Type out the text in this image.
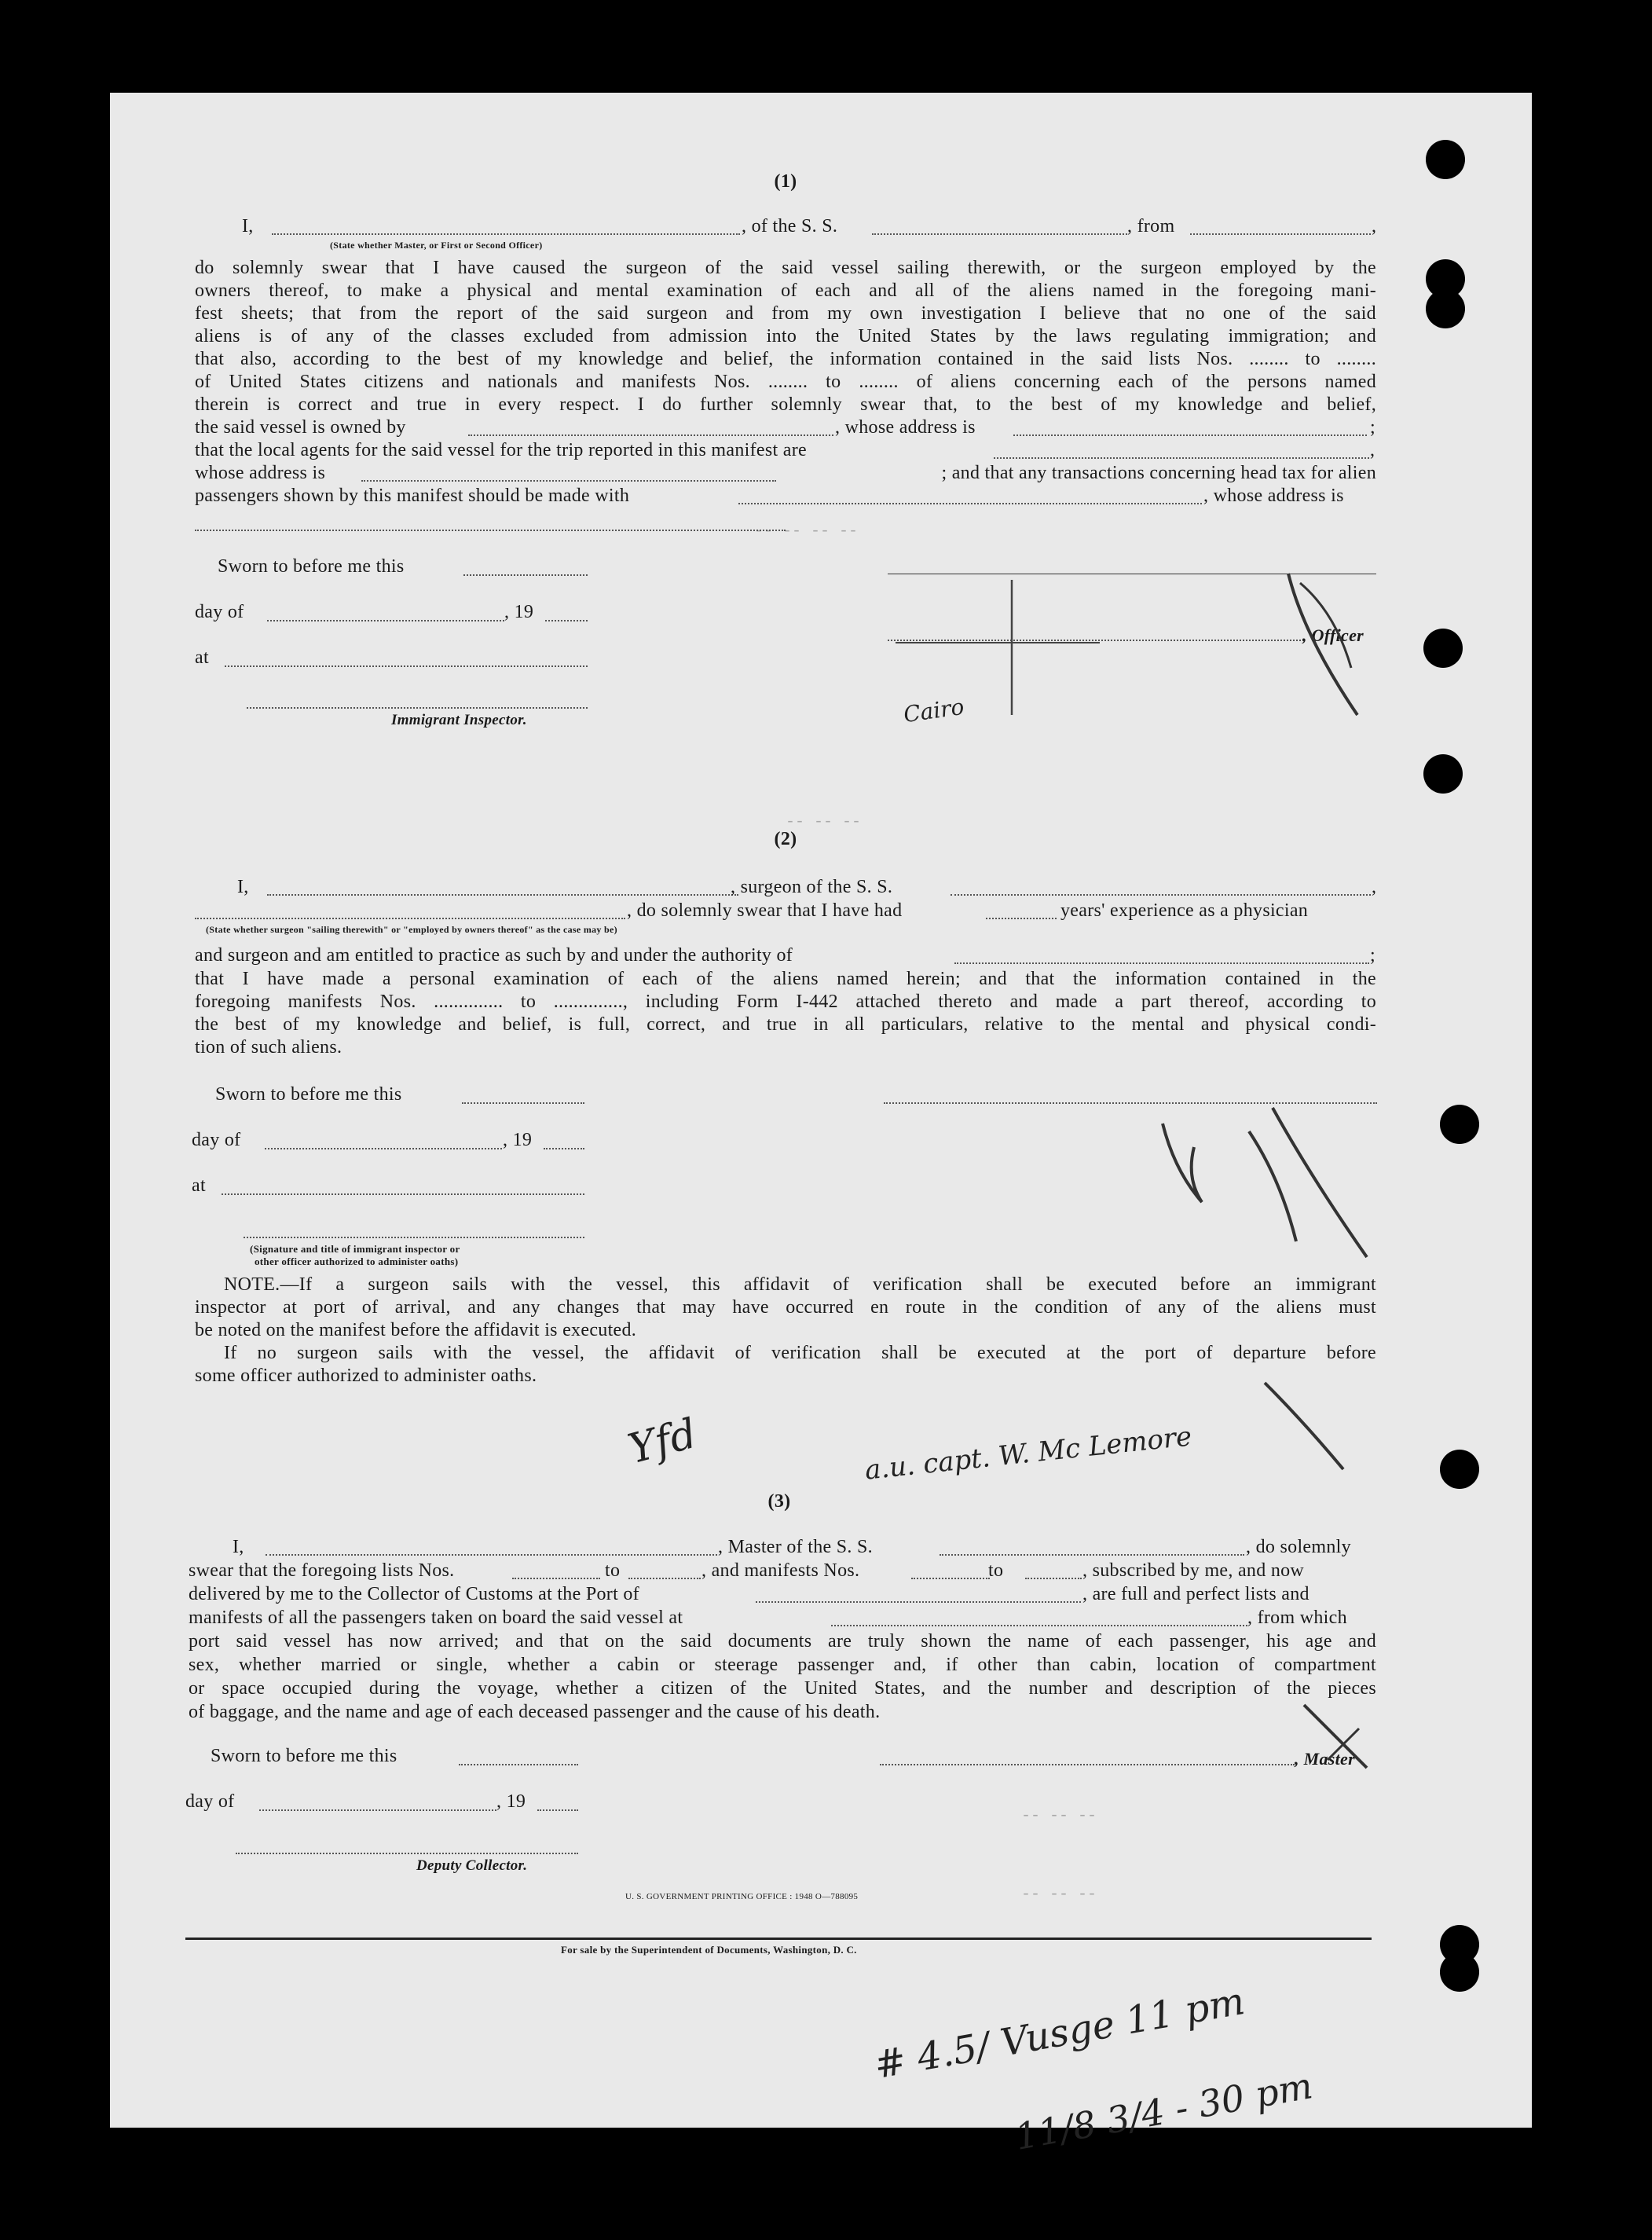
-- -- -- --
-- -- --
-- -- --
-- -- --
(1)
I,	, of the S. S.	, from	,
(State whether Master, or First or Second Officer)
do solemnly swear that I have caused the surgeon of the said vessel sailing therewith, or the surgeon employed by the
owners thereof, to make a physical and mental examination of each and all of the aliens named in the foregoing mani-
fest sheets; that from the report of the said surgeon and from my own investigation I believe that no one of the said
aliens is of any of the classes excluded from admission into the United States by the laws regulating immigration; and
that also, according to the best of my knowledge and belief, the information contained in the said lists Nos. ........ to ........
of United States citizens and nationals and manifests Nos. ........ to ........ of aliens concerning each of the persons named
therein is correct and true in every respect. I do further solemnly swear that, to the best of my knowledge and belief,
the said vessel is owned by	, whose address is	;
that the local agents for the said vessel for the trip reported in this manifest are	,
whose address is	; and that any transactions concerning head tax for alien
passengers shown by this manifest should be made with	, whose address is
Sworn to before me this
day of	, 19
at
Immigrant Inspector.
, Officer
Cairo
(2)
I,	, surgeon of the S. S.	,
, do solemnly swear that I have had	years' experience as a physician
(State whether surgeon "sailing therewith" or "employed by owners thereof" as the case may be)
and surgeon and am entitled to practice as such by and under the authority of	;
that I have made a personal examination of each of the aliens named herein; and that the information contained in the
foregoing manifests Nos. .............. to .............., including Form I-442 attached thereto and made a part thereof, according to
the best of my knowledge and belief, is full, correct, and true in all particulars, relative to the mental and physical condi-
tion of such aliens.
Sworn to before me this
day of	, 19
at
(Signature and title of immigrant inspector or
other officer authorized to administer oaths)
NOTE.—If a surgeon sails with the vessel, this affidavit of verification shall be executed before an immigrant
inspector at port of arrival, and any changes that may have occurred en route in the condition of any of the aliens must
be noted on the manifest before the affidavit is executed.
If no surgeon sails with the vessel, the affidavit of verification shall be executed at the port of departure before
some officer authorized to administer oaths.
Yfd	a.u. capt. W. Mc Lemore
(3)
I,	, Master of the S. S.	, do solemnly
swear that the foregoing lists Nos.	to	, and manifests Nos.	to	, subscribed by me, and now
delivered by me to the Collector of Customs at the Port of	, are full and perfect lists and
manifests of all the passengers taken on board the said vessel at	, from which
port said vessel has now arrived; and that on the said documents are truly shown the name of each passenger, his age and
sex, whether married or single, whether a cabin or steerage passenger and, if other than cabin, location of compartment
or space occupied during the voyage, whether a citizen of the United States, and the number and description of the pieces
of baggage, and the name and age of each deceased passenger and the cause of his death.
Sworn to before me this	, Master
day of	, 19
Deputy Collector.
U. S. GOVERNMENT PRINTING OFFICE : 1948 O—788095
For sale by the Superintendent of Documents, Washington, D. C.
# 4.5/ Vusge 11 pm
11/8 3/4 - 30 pm
